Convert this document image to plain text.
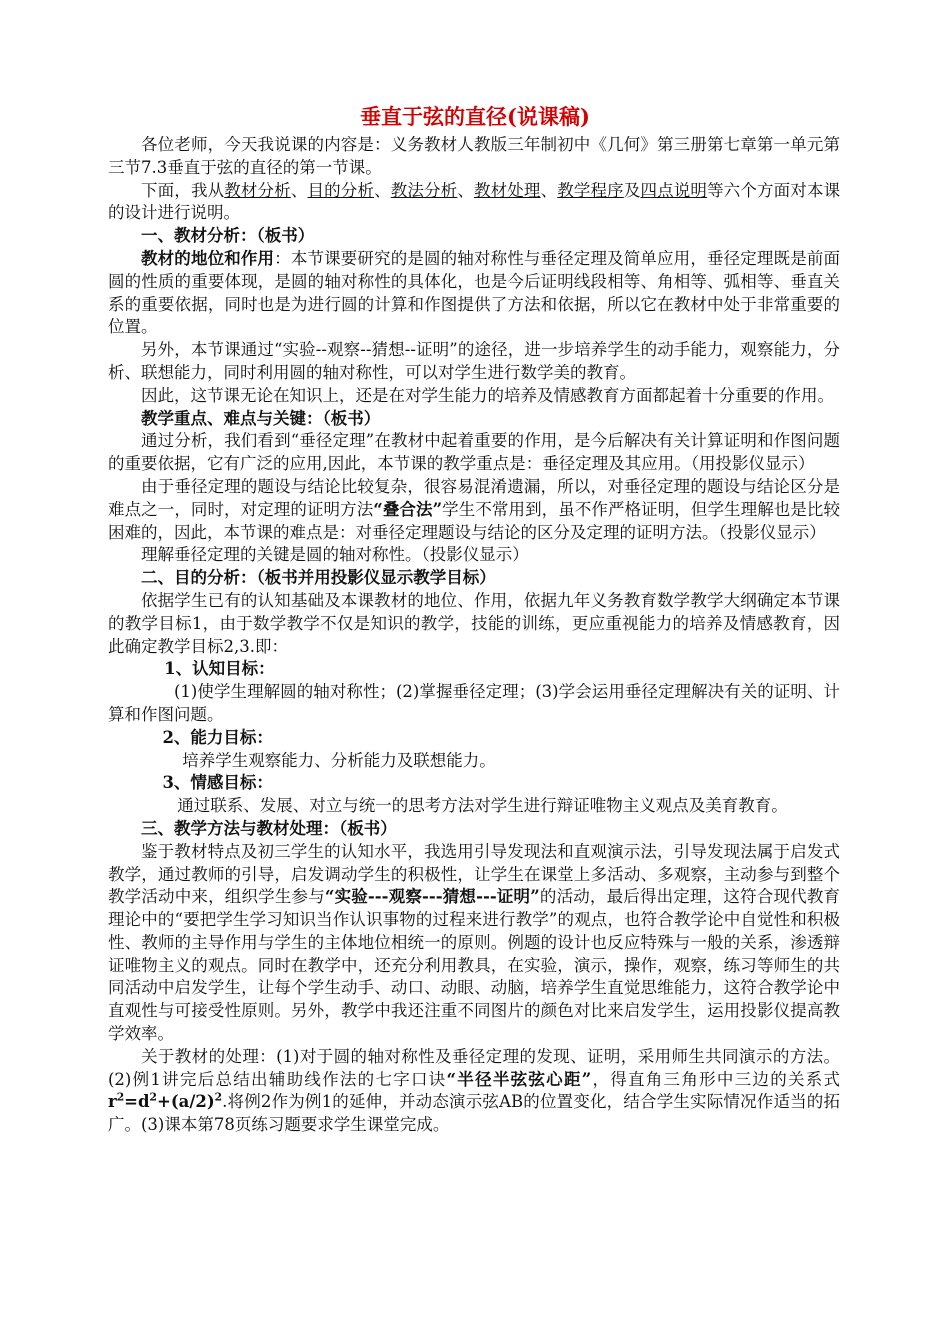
垂直于弦的直径(说课稿)

各位老师，今天我说课的内容是：义务教材人教版三年制初中《几何》第三册第七章第一单元第三节7.3垂直于弦的直径的第一节课。

下面，我从教材分析、目的分析、教法分析、教材处理、教学程序及四点说明等六个方面对本课的设计进行说明。

一、教材分析：（板书）

教材的地位和作用：本节课要研究的是圆的轴对称性与垂径定理及简单应用，垂径定理既是前面圆的性质的重要体现，是圆的轴对称性的具体化，也是今后证明线段相等、角相等、弧相等、垂直关系的重要依据，同时也是为进行圆的计算和作图提供了方法和依据，所以它在教材中处于非常重要的位置。

另外，本节课通过“实验--观察--猜想--证明”的途径，进一步培养学生的动手能力，观察能力，分析、联想能力，同时利用圆的轴对称性，可以对学生进行数学美的教育。

因此，这节课无论在知识上，还是在对学生能力的培养及情感教育方面都起着十分重要的作用。

教学重点、难点与关键：（板书）

通过分析，我们看到“垂径定理”在教材中起着重要的作用，是今后解决有关计算证明和作图问题的重要依据，它有广泛的应用,因此，本节课的教学重点是：垂径定理及其应用。（用投影仪显示）

由于垂径定理的题设与结论比较复杂，很容易混淆遗漏，所以，对垂径定理的题设与结论区分是难点之一，同时，对定理的证明方法“叠合法”学生不常用到，虽不作严格证明，但学生理解也是比较困难的，因此，本节课的难点是：对垂径定理题设与结论的区分及定理的证明方法。（投影仪显示）

理解垂径定理的关键是圆的轴对称性。（投影仪显示）

二、目的分析：（板书并用投影仪显示教学目标）

依据学生已有的认知基础及本课教材的地位、作用，依据九年义务教育数学教学大纲确定本节课的教学目标1，由于数学教学不仅是知识的教学，技能的训练，更应重视能力的培养及情感教育，因此确定教学目标2,3.即：

1、认知目标：

(1)使学生理解圆的轴对称性；(2)掌握垂径定理；(3)学会运用垂径定理解决有关的证明、计算和作图问题。

2、能力目标：

培养学生观察能力、分析能力及联想能力。

3、情感目标：

通过联系、发展、对立与统一的思考方法对学生进行辩证唯物主义观点及美育教育。

三、教学方法与教材处理：（板书）

鉴于教材特点及初三学生的认知水平，我选用引导发现法和直观演示法，引导发现法属于启发式教学，通过教师的引导，启发调动学生的积极性，让学生在课堂上多活动、多观察，主动参与到整个教学活动中来，组织学生参与“实验---观察---猜想---证明”的活动，最后得出定理，这符合现代教育理论中的“要把学生学习知识当作认识事物的过程来进行教学”的观点，也符合教学论中自觉性和积极性、教师的主导作用与学生的主体地位相统一的原则。例题的设计也反应特殊与一般的关系，渗透辩证唯物主义的观点。同时在教学中，还充分利用教具，在实验，演示，操作，观察，练习等师生的共同活动中启发学生，让每个学生动手、动口、动眼、动脑，培养学生直觉思维能力，这符合教学论中直观性与可接受性原则。另外，教学中我还注重不同图片的颜色对比来启发学生，运用投影仪提高教学效率。

关于教材的处理：(1)对于圆的轴对称性及垂径定理的发现、证明，采用师生共同演示的方法。(2)例1讲完后总结出辅助线作法的七字口诀“半径半弦弦心距”，得直角三角形中三边的关系式$r^2=d^2+(a/2)^2$.将例2作为例1的延伸，并动态演示弦AB的位置变化，结合学生实际情况作适当的拓广。(3)课本第78页练习题要求学生课堂完成。
